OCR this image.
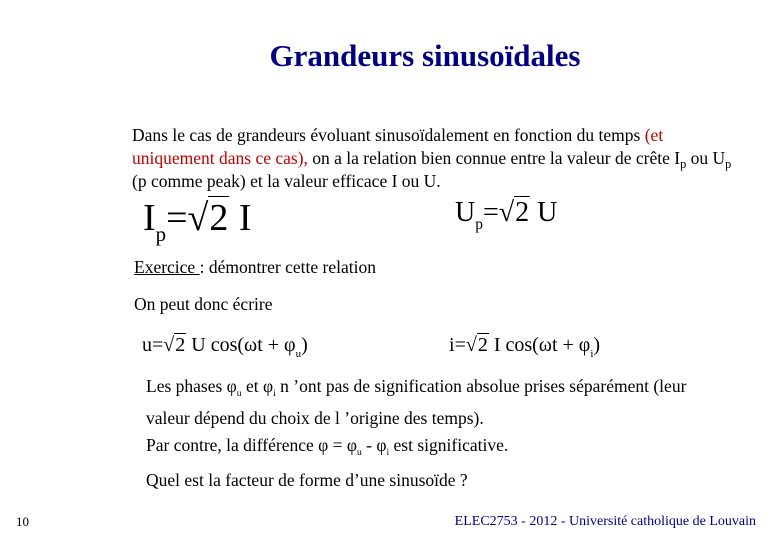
Grandeurs sinusoïdales
Dans le cas de grandeurs évoluant sinusoïdalement en fonction du temps (et uniquement dans ce cas), on a la relation bien connue entre la valeur de crête $I_p$ ou $U_p$ (p comme peak) et la valeur efficace I ou U.
$I_p=√2$ I	$U_p=√2$ U
Exercice : démontrer cette relation
On peut donc écrire
u=√2 U $\cos(\omega t + \varphi_u)$	i=√2 I $\cos(\omega t + \varphi_i)$
Les phases $\varphi_u$ et $\varphi_i$ n ’ont pas de signification absolue prises séparément (leur valeur dépend du choix de l ’origine des temps).
Par contre, la différence $\varphi = \varphi_u - \varphi_i$ est significative.
Quel est la facteur de forme d’une sinusoïde ?
10	ELEC2753 - 2012 - Université catholique de Louvain
